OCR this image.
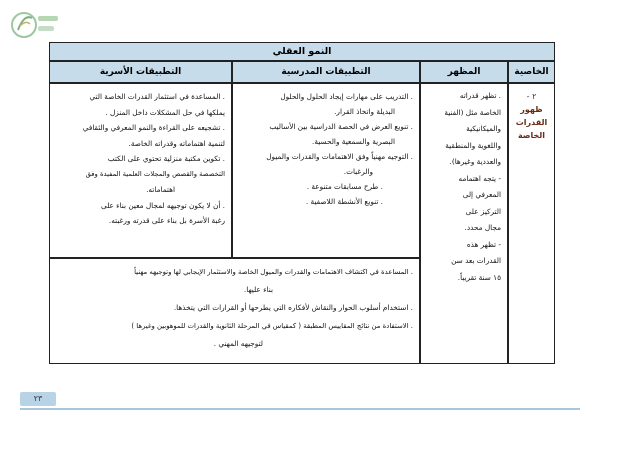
النمو العقلي
الخاصية
المظهر
التطبيقات المدرسية
التطبيقات الأسرية

٢ -

ظهور

القدرات

الخاصة

. تظهر قدراته

الخاصة مثل (الفنية

والميكانيكية

واللغوية والمنطقية

والعددية وغيرها).

- يتجه اهتمامه

المعرفي إلى

التركيز على

مجال محدد.

- تظهر هذه

القدرات بعد سن

١٥ سنة تقريباً.

. التدريب على مهارات إيجاد الحلول والحلول

البديلة واتخاذ القرار.

. تنويع العرض في الحصة الدراسية بين الأساليب

البصرية والسمعية والحسية.

. التوجيه مهنياً وفق الاهتمامات والقدرات والميول

والرغبات.

. طرح مسابقات متنوعة .

. تنويع الأنشطة اللاصفية .

. المساعدة في استثمار القدرات الخاصة التي

يملكها في حل المشكلات داخل المنزل .

. تشجيعه على القراءة والنمو المعرفي والثقافي

لتنمية اهتماماته وقدراته الخاصة.

. تكوين مكتبة منزلية تحتوي على الكتب

التخصصة والقصص والمجلات العلمية المفيدة وفق

اهتماماته.

. أن لا يكون توجيهه لمجال معين بناء على

رغبة الأسرة بل بناء على قدرته ورغبته.

. المساعدة في اكتشاف الاهتمامات والقدرات والميول الخاصة والاستثمار الإيجابي لها وتوجيهه مهنياً

بناء عليها.

. استخدام أسلوب الحوار والنقاش لأفكاره التي يطرحها أو القرارات التي يتخذها.

. الاستفادة من نتائج المقاييس المطبقة ( كمقياس في المرحلة الثانوية والقدرات للموهوبين وغيرها )

لتوجيهه المهني .

٢٣
